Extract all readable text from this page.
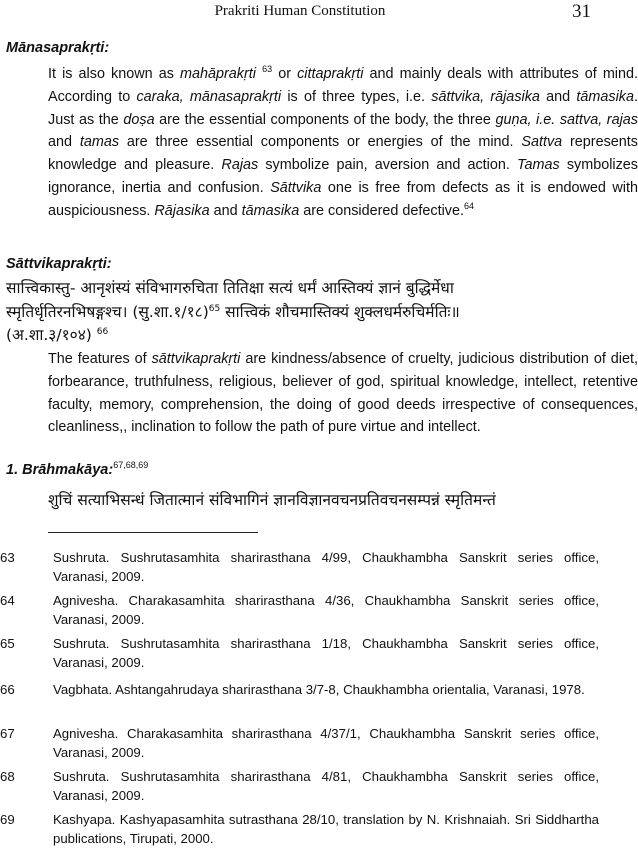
Prakriti Human Constitution	31
Mānasaprakṛti:

It is also known as mahāprakṛti $^{63}$ or cittaprakṛti and mainly deals with attributes of mind. According to caraka, mānasaprakṛti is of three types, i.e. sāttvika, rājasika and tāmasika. Just as the doṣa are the essential components of the body, the three guṇa, i.e. sattva, rajas and tamas are three essential components or energies of the mind. Sattva represents knowledge and pleasure. Rajas symbolize pain, aversion and action. Tamas symbolizes ignorance, inertia and confusion. Sāttvika one is free from defects as it is endowed with auspiciousness. Rājasika and tāmasika are considered defective.$^{64}$

Sāttvikaprakṛti:
सात्त्विकास्तु- आनृशंस्यं संविभागरुचिता तितिक्षा सत्यं धर्मं आस्तिक्यं ज्ञानं बुद्धिर्मेधा
स्मृतिर्धृतिरनभिषङ्गश्च। (सु.शा.१/१८)$^{65}$ सात्त्विकं शौचमास्तिक्यं शुक्लधर्मरुचिर्मतिः॥
(अ.शा.३/१०४) $^{66}$

The features of sāttvikaprakṛti are kindness/absence of cruelty, judicious distribution of diet, forbearance, truthfulness, religious, believer of god, spiritual knowledge, intellect, retentive faculty, memory, comprehension, the doing of good deeds irrespective of consequences, cleanliness,, inclination to follow the path of pure virtue and intellect.

1. Brāhmakāya:$^{67,68,69}$
शुचिं सत्याभिसन्धं जितात्मानं संविभागिनं ज्ञानविज्ञानवचनप्रतिवचनसम्पन्नं स्मृतिमन्तं
63	Sushruta. Sushrutasamhita sharirasthana 4/99, Chaukhambha Sanskrit series office, Varanasi, 2009.
64	Agnivesha. Charakasamhita sharirasthana 4/36, Chaukhambha Sanskrit series office, Varanasi, 2009.
65	Sushruta. Sushrutasamhita sharirasthana 1/18, Chaukhambha Sanskrit series office, Varanasi, 2009.
66	Vagbhata. Ashtangahrudaya sharirasthana 3/7-8, Chaukhambha orientalia, Varanasi, 1978.
67	Agnivesha. Charakasamhita sharirasthana 4/37/1, Chaukhambha Sanskrit series office, Varanasi, 2009.
68	Sushruta. Sushrutasamhita sharirasthana 4/81, Chaukhambha Sanskrit series office, Varanasi, 2009.
69	Kashyapa. Kashyapasamhita sutrasthana 28/10, translation by N. Krishnaiah. Sri Siddhartha publications, Tirupati, 2000.
